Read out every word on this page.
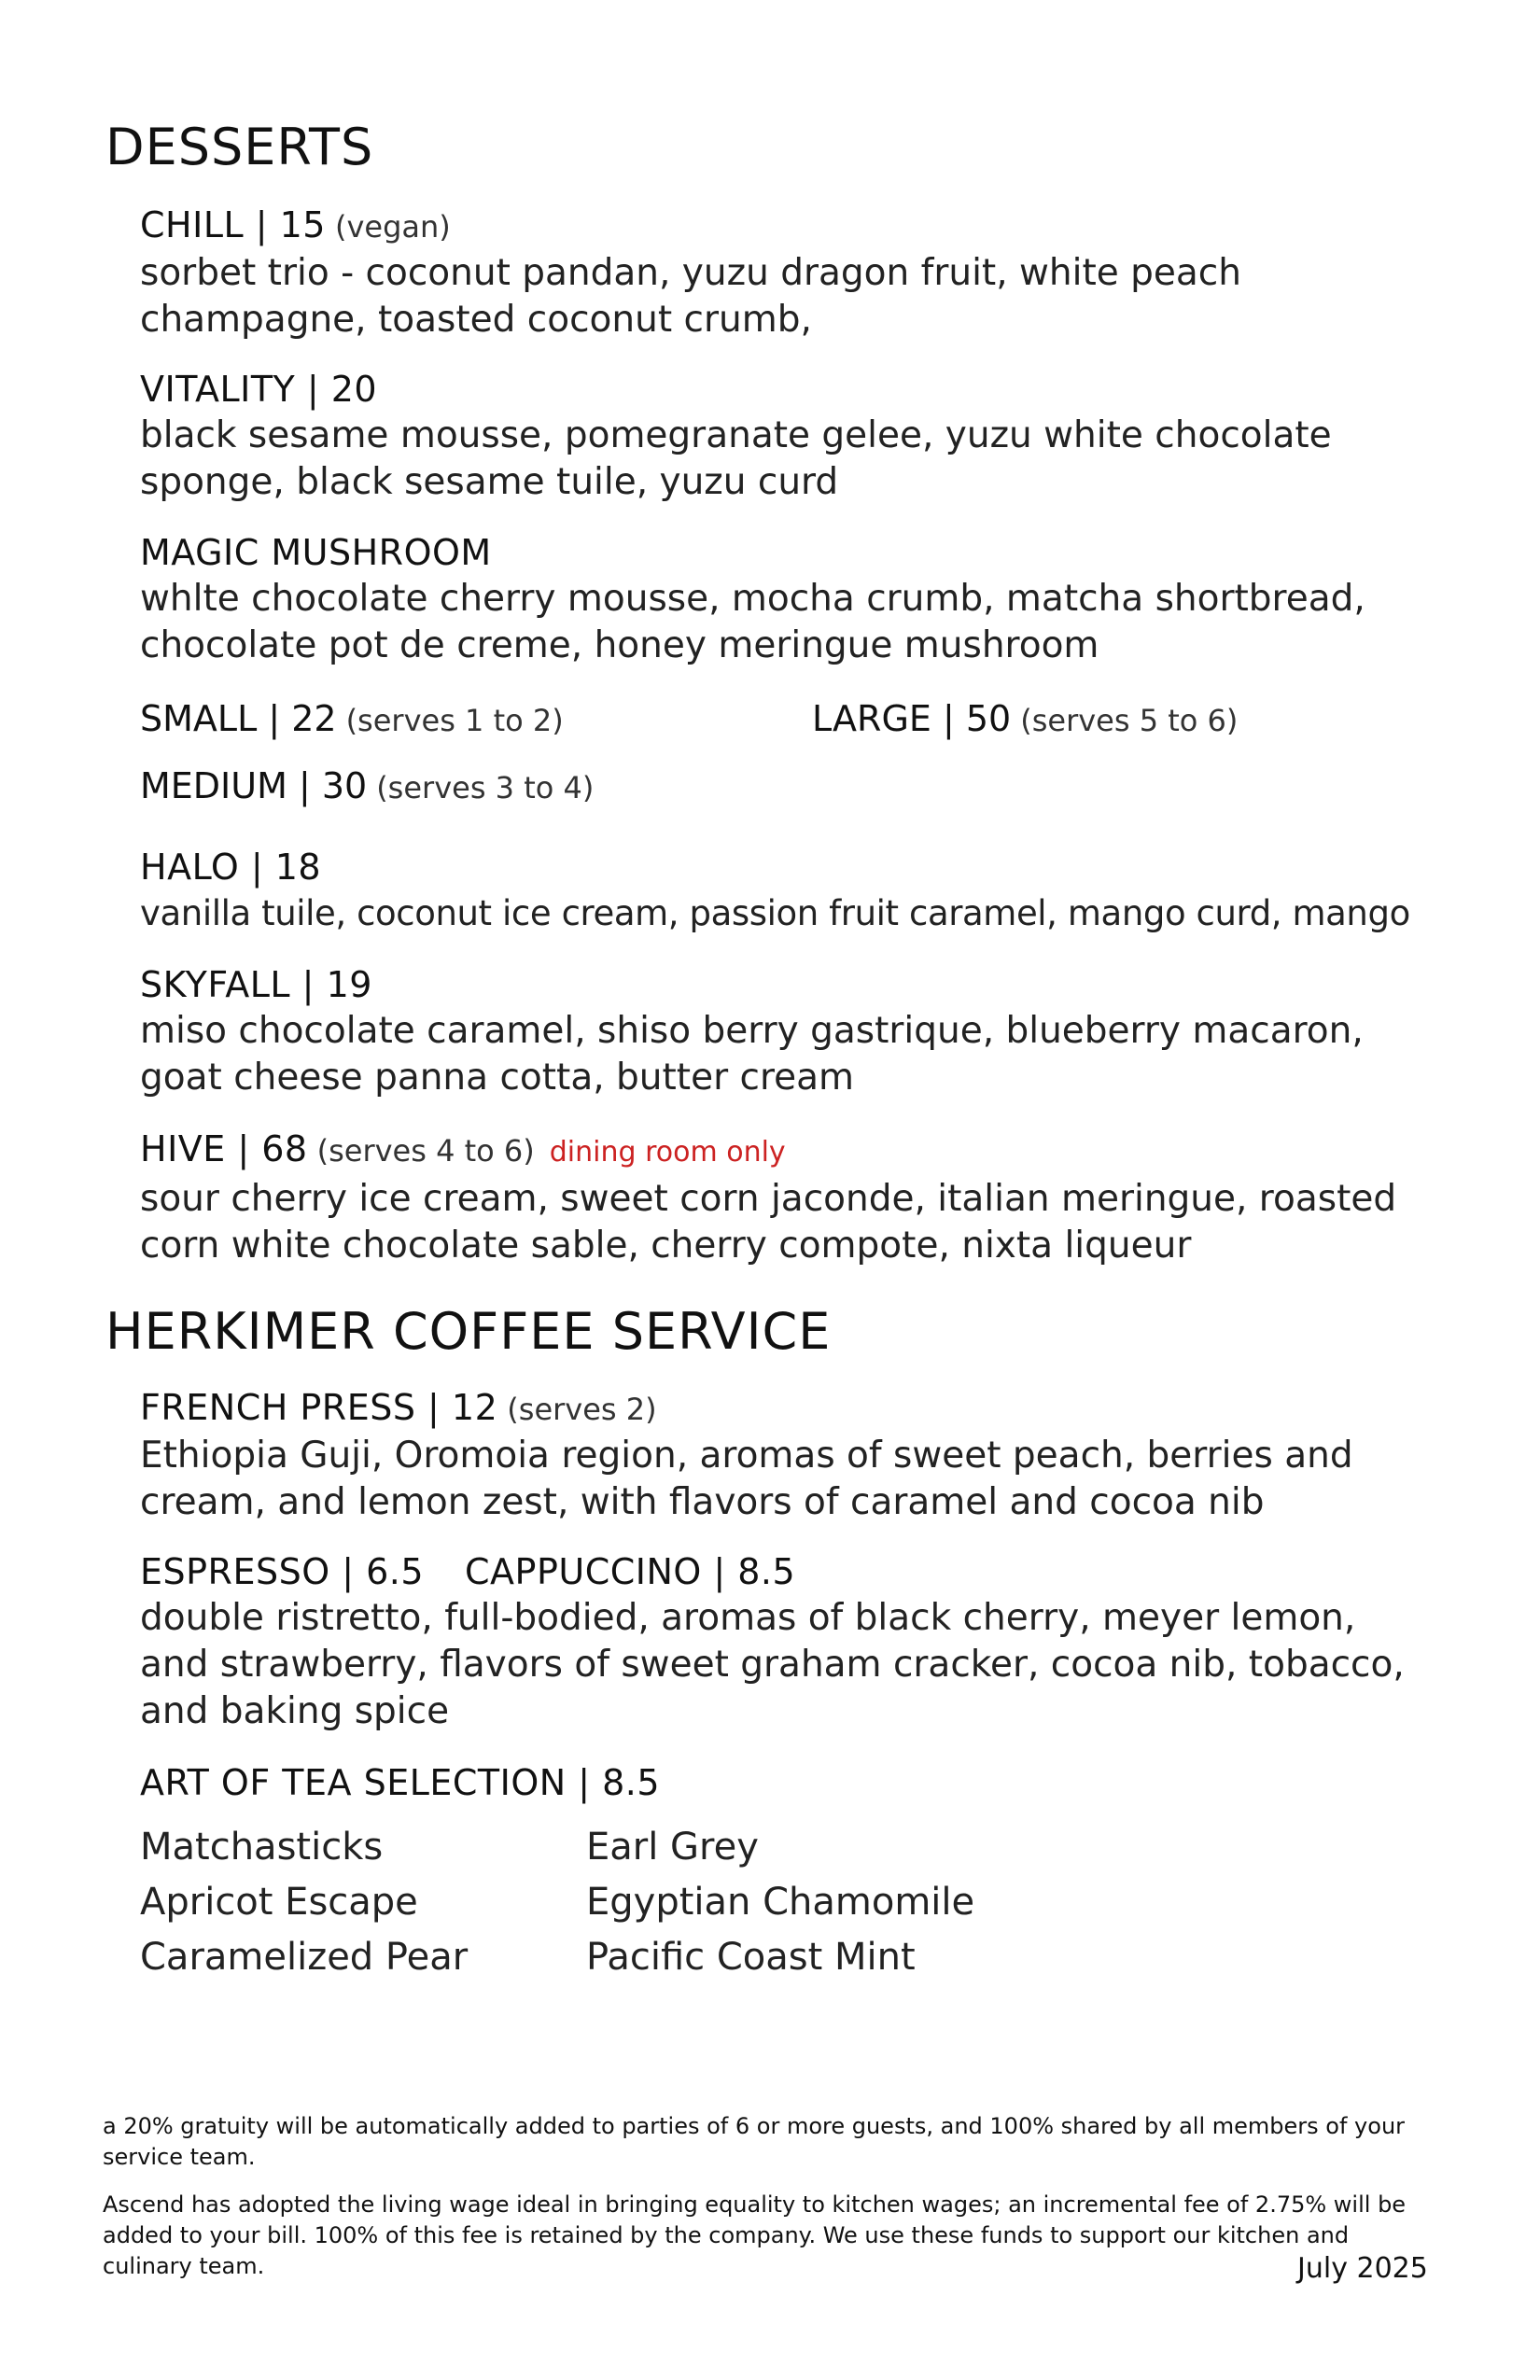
DESSERTS
CHILL | 15 (vegan)
sorbet trio - coconut pandan, yuzu dragon fruit, white peach champagne, toasted coconut crumb,
VITALITY | 20
black sesame mousse, pomegranate gelee, yuzu white chocolate sponge, black sesame tuile, yuzu curd
MAGIC MUSHROOM
whlte chocolate cherry mousse, mocha crumb, matcha shortbread, chocolate pot de creme, honey meringue mushroom
SMALL | 22 (serves 1 to 2)	LARGE | 50 (serves 5 to 6)
MEDIUM | 30 (serves 3 to 4)
HALO | 18
vanilla tuile, coconut ice cream, passion fruit caramel, mango curd, mango
SKYFALL | 19
miso chocolate caramel, shiso berry gastrique, blueberry macaron, goat cheese panna cotta, butter cream
HIVE | 68 (serves 4 to 6) dining room only
sour cherry ice cream, sweet corn jaconde, italian meringue, roasted corn white chocolate sable, cherry compote, nixta liqueur
HERKIMER COFFEE SERVICE
FRENCH PRESS | 12 (serves 2)
Ethiopia Guji, Oromoia region, aromas of sweet peach, berries and cream, and lemon zest, with flavors of caramel and cocoa nib
ESPRESSO | 6.5 CAPPUCCINO | 8.5
double ristretto, full-bodied, aromas of black cherry, meyer lemon, and strawberry, flavors of sweet graham cracker, cocoa nib, tobacco, and baking spice
ART OF TEA SELECTION | 8.5
Matchasticks
Apricot Escape
Caramelized Pear
Earl Grey
Egyptian Chamomile
Pacific Coast Mint
a 20% gratuity will be automatically added to parties of 6 or more guests, and 100% shared by all members of your service team.
Ascend has adopted the living wage ideal in bringing equality to kitchen wages; an incremental fee of 2.75% will be added to your bill. 100% of this fee is retained by the company. We use these funds to support our kitchen and culinary team.	July 2025
